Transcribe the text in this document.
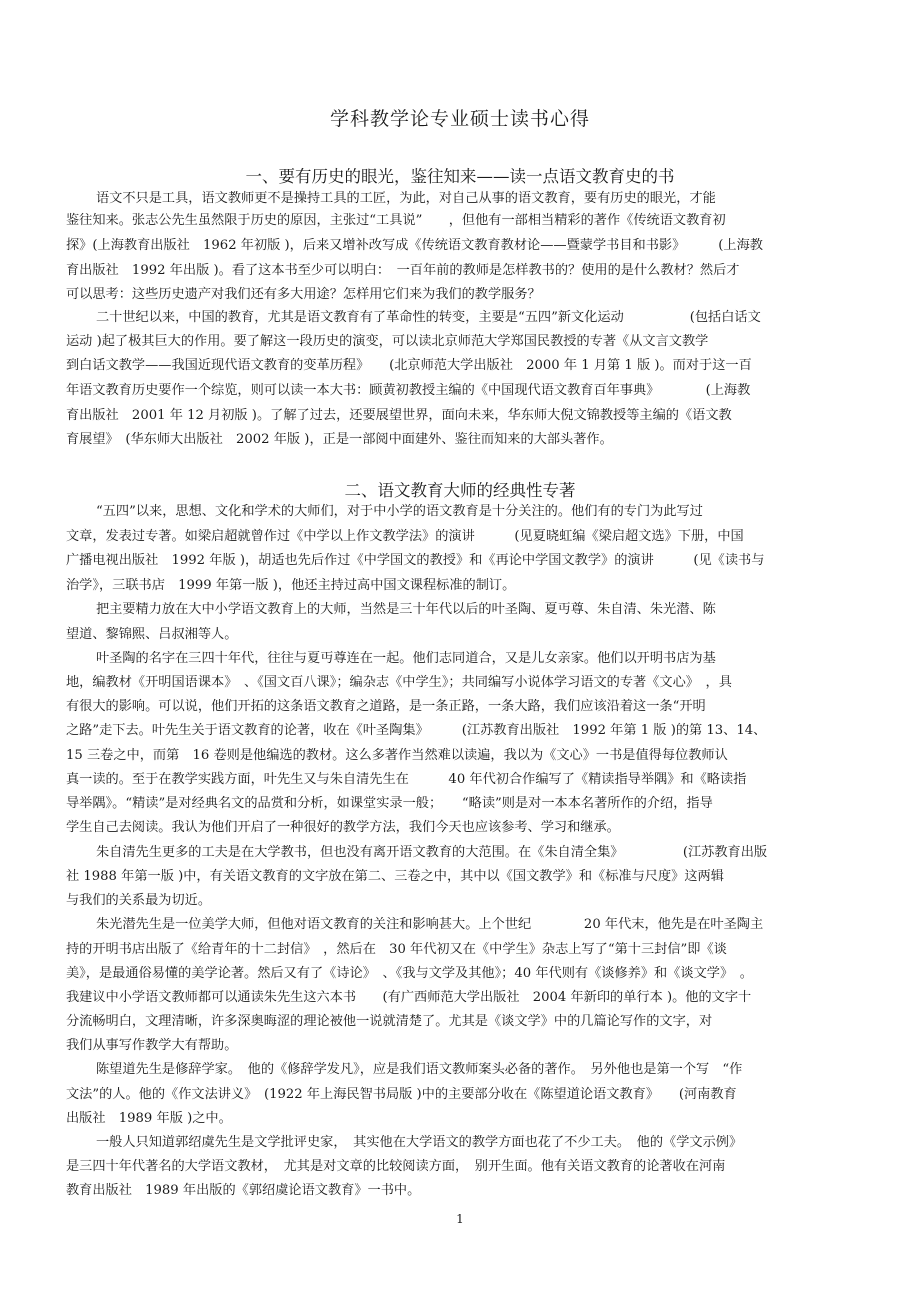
学科教学论专业硕士读书心得
一、要有历史的眼光，鉴往知来——读一点语文教育史的书
语文不只是工具，语文教师更不是操持工具的工匠，为此，对自己从事的语文教育，要有历史的眼光，才能
鉴往知来。张志公先生虽然限于历史的原因，主张过“工具说”　　，但他有一部相当精彩的著作《传统语文教育初
探》(上海教育出版社　1962 年初版 )，后来又增补改写成《传统语文教育教材论——暨蒙学书目和书影》　　　(上海教
育出版社　1992 年出版 )。看了这本书至少可以明白：　一百年前的教师是怎样教书的？使用的是什么教材？然后才
可以思考：这些历史遗产对我们还有多大用途？怎样用它们来为我们的教学服务？
二十世纪以来，中国的教育，尤其是语文教育有了革命性的转变，主要是“五四”新文化运动　　　　　(包括白话文
运动 )起了极其巨大的作用。要了解这一段历史的演变，可以读北京师范大学郑国民教授的专著《从文言文教学
到白话文教学——我国近现代语文教育的变革历程》　　(北京师范大学出版社　2000 年 1 月第 1 版 )。而对于这一百
年语文教育历史要作一个综览，则可以读一本大书：顾黄初教授主编的《中国现代语文教育百年事典》　　　　(上海教
育出版社　2001 年 12 月初版 )。了解了过去，还要展望世界，面向未来，华东师大倪文锦教授等主编的《语文教
育展望》　(华东师大出版社　2002 年版 )，正是一部阅中面建外、鉴往而知来的大部头著作。
二、语文教育大师的经典性专著
“五四”以来，思想、文化和学术的大师们，对于中小学的语文教育是十分关注的。他们有的专门为此写过
文章，发表过专著。如梁启超就曾作过《中学以上作文教学法》的演讲　　　(见夏晓虹编《梁启超文选》下册，中国
广播电视出版社　1992 年版 )，胡适也先后作过《中学国文的教授》和《再论中学国文教学》的演讲　　　(见《读书与
治学》，三联书店　1999 年第一版 )，他还主持过高中国文课程标准的制订。
把主要精力放在大中小学语文教育上的大师，当然是三十年代以后的叶圣陶、夏丏尊、朱自清、朱光潜、陈
望道、黎锦熙、吕叔湘等人。
叶圣陶的名字在三四十年代，往往与夏丏尊连在一起。他们志同道合，又是儿女亲家。他们以开明书店为基
地，编教材《开明国语课本》　、《国文百八课》；编杂志《中学生》；共同编写小说体学习语文的专著《文心》　，具
有很大的影响。可以说，他们开拓的这条语文教育之道路，是一条正路，一条大路，我们应该沿着这一条“开明
之路”走下去。叶先生关于语文教育的论著，收在《叶圣陶集》　　　(江苏教育出版社　1992 年第 1 版 )的第 13、14、
15 三卷之中，而第　16 卷则是他编选的教材。这么多著作当然难以读遍，我以为《文心》一书是值得每位教师认
真一读的。至于在教学实践方面，叶先生又与朱自清先生在　　　40 年代初合作编写了《精读指导举隅》和《略读指
导举隅》。“精读”是对经典名文的品赏和分析，如课堂实录一般；　　“略读”则是对一本本名著所作的介绍，指导
学生自己去阅读。我认为他们开启了一种很好的教学方法，我们今天也应该参考、学习和继承。
朱自清先生更多的工夫是在大学教书，但也没有离开语文教育的大范围。在《朱自清全集》　　　　　(江苏教育出版
社 1988 年第一版 )中，有关语文教育的文字放在第二、三卷之中，其中以《国文教学》和《标准与尺度》这两辑
与我们的关系最为切近。
朱光潜先生是一位美学大师，但他对语文教育的关注和影响甚大。上个世纪　　　　20 年代末，他先是在叶圣陶主
持的开明书店出版了《给青年的十二封信》　，然后在　30 年代初又在《中学生》杂志上写了“第十三封信”即《谈
美》，是最通俗易懂的美学论著。然后又有了《诗论》　、《我与文学及其他》；40 年代则有《谈修养》和《谈文学》　。
我建议中小学语文教师都可以通读朱先生这六本书　　(有广西师范大学出版社　2004 年新印的单行本 )。他的文字十
分流畅明白，文理清晰，许多深奥晦涩的理论被他一说就清楚了。尤其是《谈文学》中的几篇论写作的文字，对
我们从事写作教学大有帮助。
陈望道先生是修辞学家。　他的《修辞学发凡》，应是我们语文教师案头必备的著作。　另外他也是第一个写　“作
文法”的人。他的《作文法讲义》　(1922 年上海民智书局版 )中的主要部分收在《陈望道论语文教育》　　(河南教育
出版社　1989 年版 )之中。
一般人只知道郭绍虞先生是文学批评史家，　其实他在大学语文的教学方面也花了不少工夫。　他的《学文示例》
是三四十年代著名的大学语文教材，　尤其是对文章的比较阅读方面，　别开生面。他有关语文教育的论著收在河南
教育出版社　1989 年出版的《郭绍虞论语文教育》一书中。
1
